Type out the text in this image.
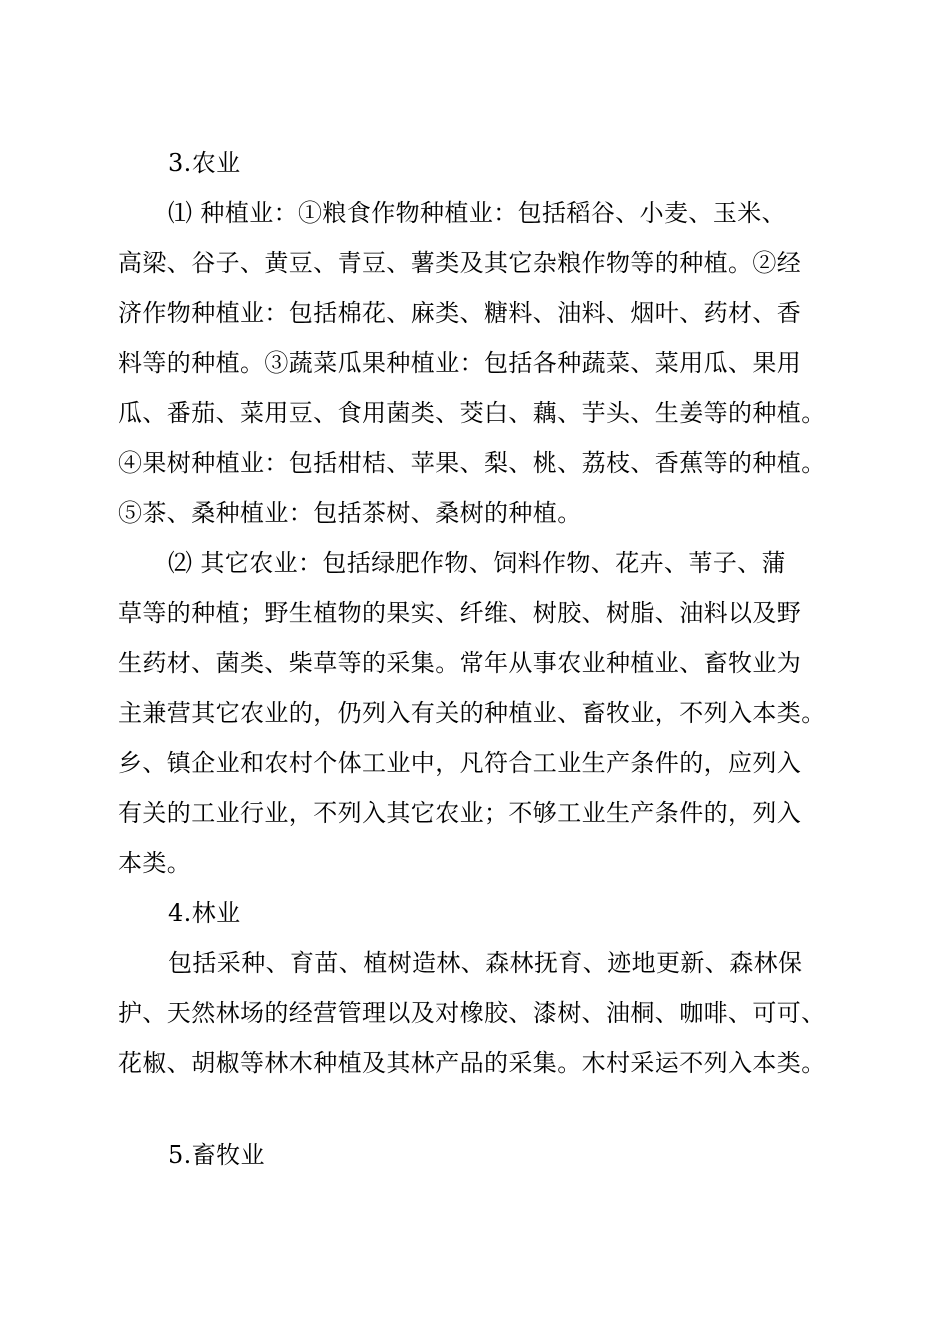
3.农业
⑴ 种植业：①粮食作物种植业：包括稻谷、小麦、玉米、
高梁、谷子、黄豆、青豆、薯类及其它杂粮作物等的种植。②经
济作物种植业：包括棉花、麻类、糖料、油料、烟叶、药材、香
料等的种植。③蔬菜瓜果种植业：包括各种蔬菜、菜用瓜、果用
瓜、番茄、菜用豆、食用菌类、茭白、藕、芋头、生姜等的种植。
④果树种植业：包括柑桔、苹果、梨、桃、荔枝、香蕉等的种植。
⑤茶、桑种植业：包括茶树、桑树的种植。
⑵ 其它农业：包括绿肥作物、饲料作物、花卉、苇子、蒲
草等的种植；野生植物的果实、纤维、树胶、树脂、油料以及野
生药材、菌类、柴草等的采集。常年从事农业种植业、畜牧业为
主兼营其它农业的，仍列入有关的种植业、畜牧业，不列入本类。
乡、镇企业和农村个体工业中，凡符合工业生产条件的，应列入
有关的工业行业，不列入其它农业；不够工业生产条件的，列入
本类。
4.林业
包括采种、育苗、植树造林、森林抚育、迹地更新、森林保
护、天然林场的经营管理以及对橡胶、漆树、油桐、咖啡、可可、
花椒、胡椒等林木种植及其林产品的采集。木村采运不列入本类。
5.畜牧业
